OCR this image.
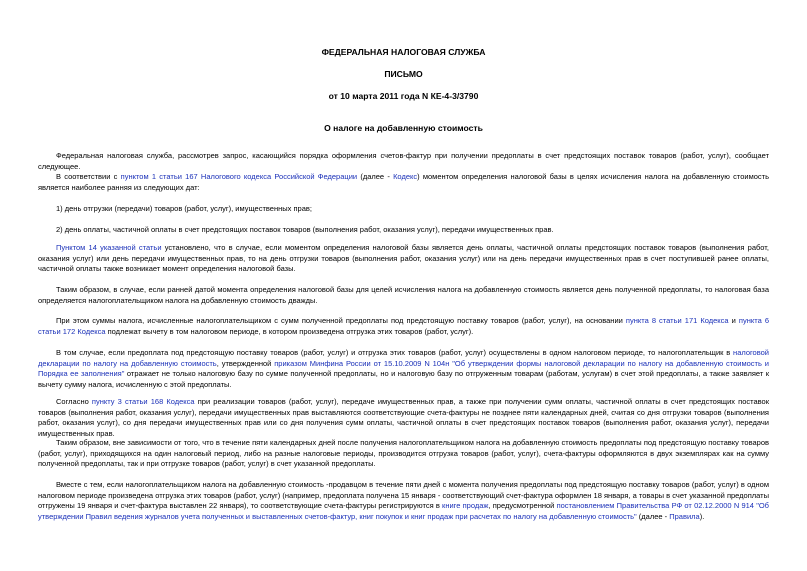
ФЕДЕРАЛЬНАЯ НАЛОГОВАЯ СЛУЖБА
ПИСЬМО
от 10 марта 2011 года N КЕ-4-3/3790
О налоге на добавленную стоимость
Федеральная налоговая служба, рассмотрев запрос, касающийся порядка оформления счетов-фактур при получении предоплаты в счет предстоящих поставок товаров (работ, услуг), сообщает следующее.
В соответствии с пунктом 1 статьи 167 Налогового кодекса Российской Федерации (далее - Кодекс) моментом определения налоговой базы в целях исчисления налога на добавленную стоимость является наиболее ранняя из следующих дат:
1) день отгрузки (передачи) товаров (работ, услуг), имущественных прав;
2) день оплаты, частичной оплаты в счет предстоящих поставок товаров (выполнения работ, оказания услуг), передачи имущественных прав.
Пунктом 14 указанной статьи установлено, что в случае, если моментом определения налоговой базы является день оплаты, частичной оплаты предстоящих поставок товаров (выполнения работ, оказания услуг) или день передачи имущественных прав, то на день отгрузки товаров (выполнения работ, оказания услуг) или на день передачи имущественных прав в счет поступившей ранее оплаты, частичной оплаты также возникает момент определения налоговой базы.
Таким образом, в случае, если ранней датой момента определения налоговой базы для целей исчисления налога на добавленную стоимость является день полученной предоплаты, то налоговая база определяется налогоплательщиком налога на добавленную стоимость дважды.
При этом суммы налога, исчисленные налогоплательщиком с сумм полученной предоплаты под предстоящую поставку товаров (работ, услуг), на основании пункта 8 статьи 171 Кодекса и пункта 6 статьи 172 Кодекса подлежат вычету в том налоговом периоде, в котором произведена отгрузка этих товаров (работ, услуг).
В том случае, если предоплата под предстоящую поставку товаров (работ, услуг) и отгрузка этих товаров (работ, услуг) осуществлены в одном налоговом периоде, то налогоплательщик в налоговой декларации по налогу на добавленную стоимость, утвержденной приказом Минфина России от 15.10.2009 N 104н "Об утверждении формы налоговой декларации по налогу на добавленную стоимость и Порядка ее заполнения" отражает не только налоговую базу по сумме полученной предоплаты, но и налоговую базу по отгруженным товарам (работам, услугам) в счет этой предоплаты, а также заявляет к вычету сумму налога, исчисленную с этой предоплаты.
Согласно пункту 3 статьи 168 Кодекса при реализации товаров (работ, услуг), передаче имущественных прав, а также при получении сумм оплаты, частичной оплаты в счет предстоящих поставок товаров (выполнения работ, оказания услуг), передачи имущественных прав выставляются соответствующие счета-фактуры не позднее пяти календарных дней, считая со дня отгрузки товаров (выполнения работ, оказания услуг), со дня передачи имущественных прав или со дня получения сумм оплаты, частичной оплаты в счет предстоящих поставок товаров (выполнения работ, оказания услуг), передачи имущественных прав.
Таким образом, вне зависимости от того, что в течение пяти календарных дней после получения налогоплательщиком налога на добавленную стоимость предоплаты под предстоящую поставку товаров (работ, услуг), приходящихся на один налоговый период, либо на разные налоговые периоды, производится отгрузка товаров (работ, услуг), счета-фактуры оформляются в двух экземплярах как на сумму полученной предоплаты, так и при отгрузке товаров (работ, услуг) в счет указанной предоплаты.
Вместе с тем, если налогоплательщиком налога на добавленную стоимость -продавцом в течение пяти дней с момента получения предоплаты под предстоящую поставку товаров (работ, услуг) в одном налоговом периоде произведена отгрузка этих товаров (работ, услуг) (например, предоплата получена 15 января - соответствующий счет-фактура оформлен 18 января, а товары в счет указанной предоплаты отгружены 19 января и счет-фактура выставлен 22 января), то соответствующие счета-фактуры регистрируются в книге продаж, предусмотренной постановлением Правительства РФ от 02.12.2000 N 914 "Об утверждении Правил ведения журналов учета полученных и выставленных счетов-фактур, книг покупок и книг продаж при расчетах по налогу на добавленную стоимость" (далее - Правила).
